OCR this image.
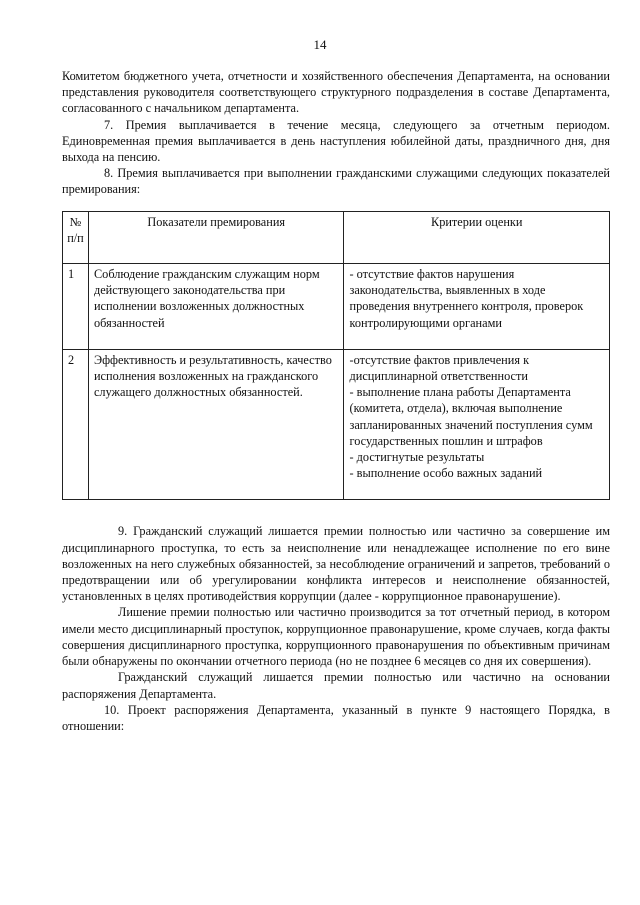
14

Комитетом бюджетного учета, отчетности и хозяйственного обеспечения Департамента, на основании представления руководителя соответствующего структурного подразделения в составе Департамента, согласованного с начальником департамента.

7. Премия выплачивается в течение месяца, следующего за отчетным периодом. Единовременная премия выплачивается в день наступления юбилейной даты, праздничного дня, дня выхода на пенсию.

8. Премия выплачивается при выполнении гражданскими служащими следующих показателей премирования:

№ п/п	Показатели премирования	Критерии оценки
1	Соблюдение гражданским служащим норм действующего законодательства при исполнении возложенных должностных обязанностей	- отсутствие фактов нарушения законодательства, выявленных в ходе проведения внутреннего контроля, проверок контролирующими органами

2	Эффективность и результативность, качество исполнения возложенных на гражданского служащего должностных обязанностей.	-отсутствие фактов привлечения к дисциплинарной ответственности
- выполнение плана работы Департамента (комитета, отдела), включая выполнение запланированных значений поступления сумм государственных пошлин и штрафов
- достигнутые результаты
- выполнение особо важных заданий

9. Гражданский служащий лишается премии полностью или частично за совершение им дисциплинарного проступка, то есть за неисполнение или ненадлежащее исполнение по его вине возложенных на него служебных обязанностей, за несоблюдение ограничений и запретов, требований о предотвращении или об урегулировании конфликта интересов и неисполнение обязанностей, установленных в целях противодействия коррупции (далее - коррупционное правонарушение).

Лишение премии полностью или частично производится за тот отчетный период, в котором имели место дисциплинарный проступок, коррупционное правонарушение, кроме случаев, когда факты совершения дисциплинарного проступка, коррупционного правонарушения по объективным причинам были обнаружены по окончании отчетного периода (но не позднее 6 месяцев со дня их совершения).

Гражданский служащий лишается премии полностью или частично на основании распоряжения Департамента.

10. Проект распоряжения Департамента, указанный в пункте 9 настоящего Порядка, в отношении:
